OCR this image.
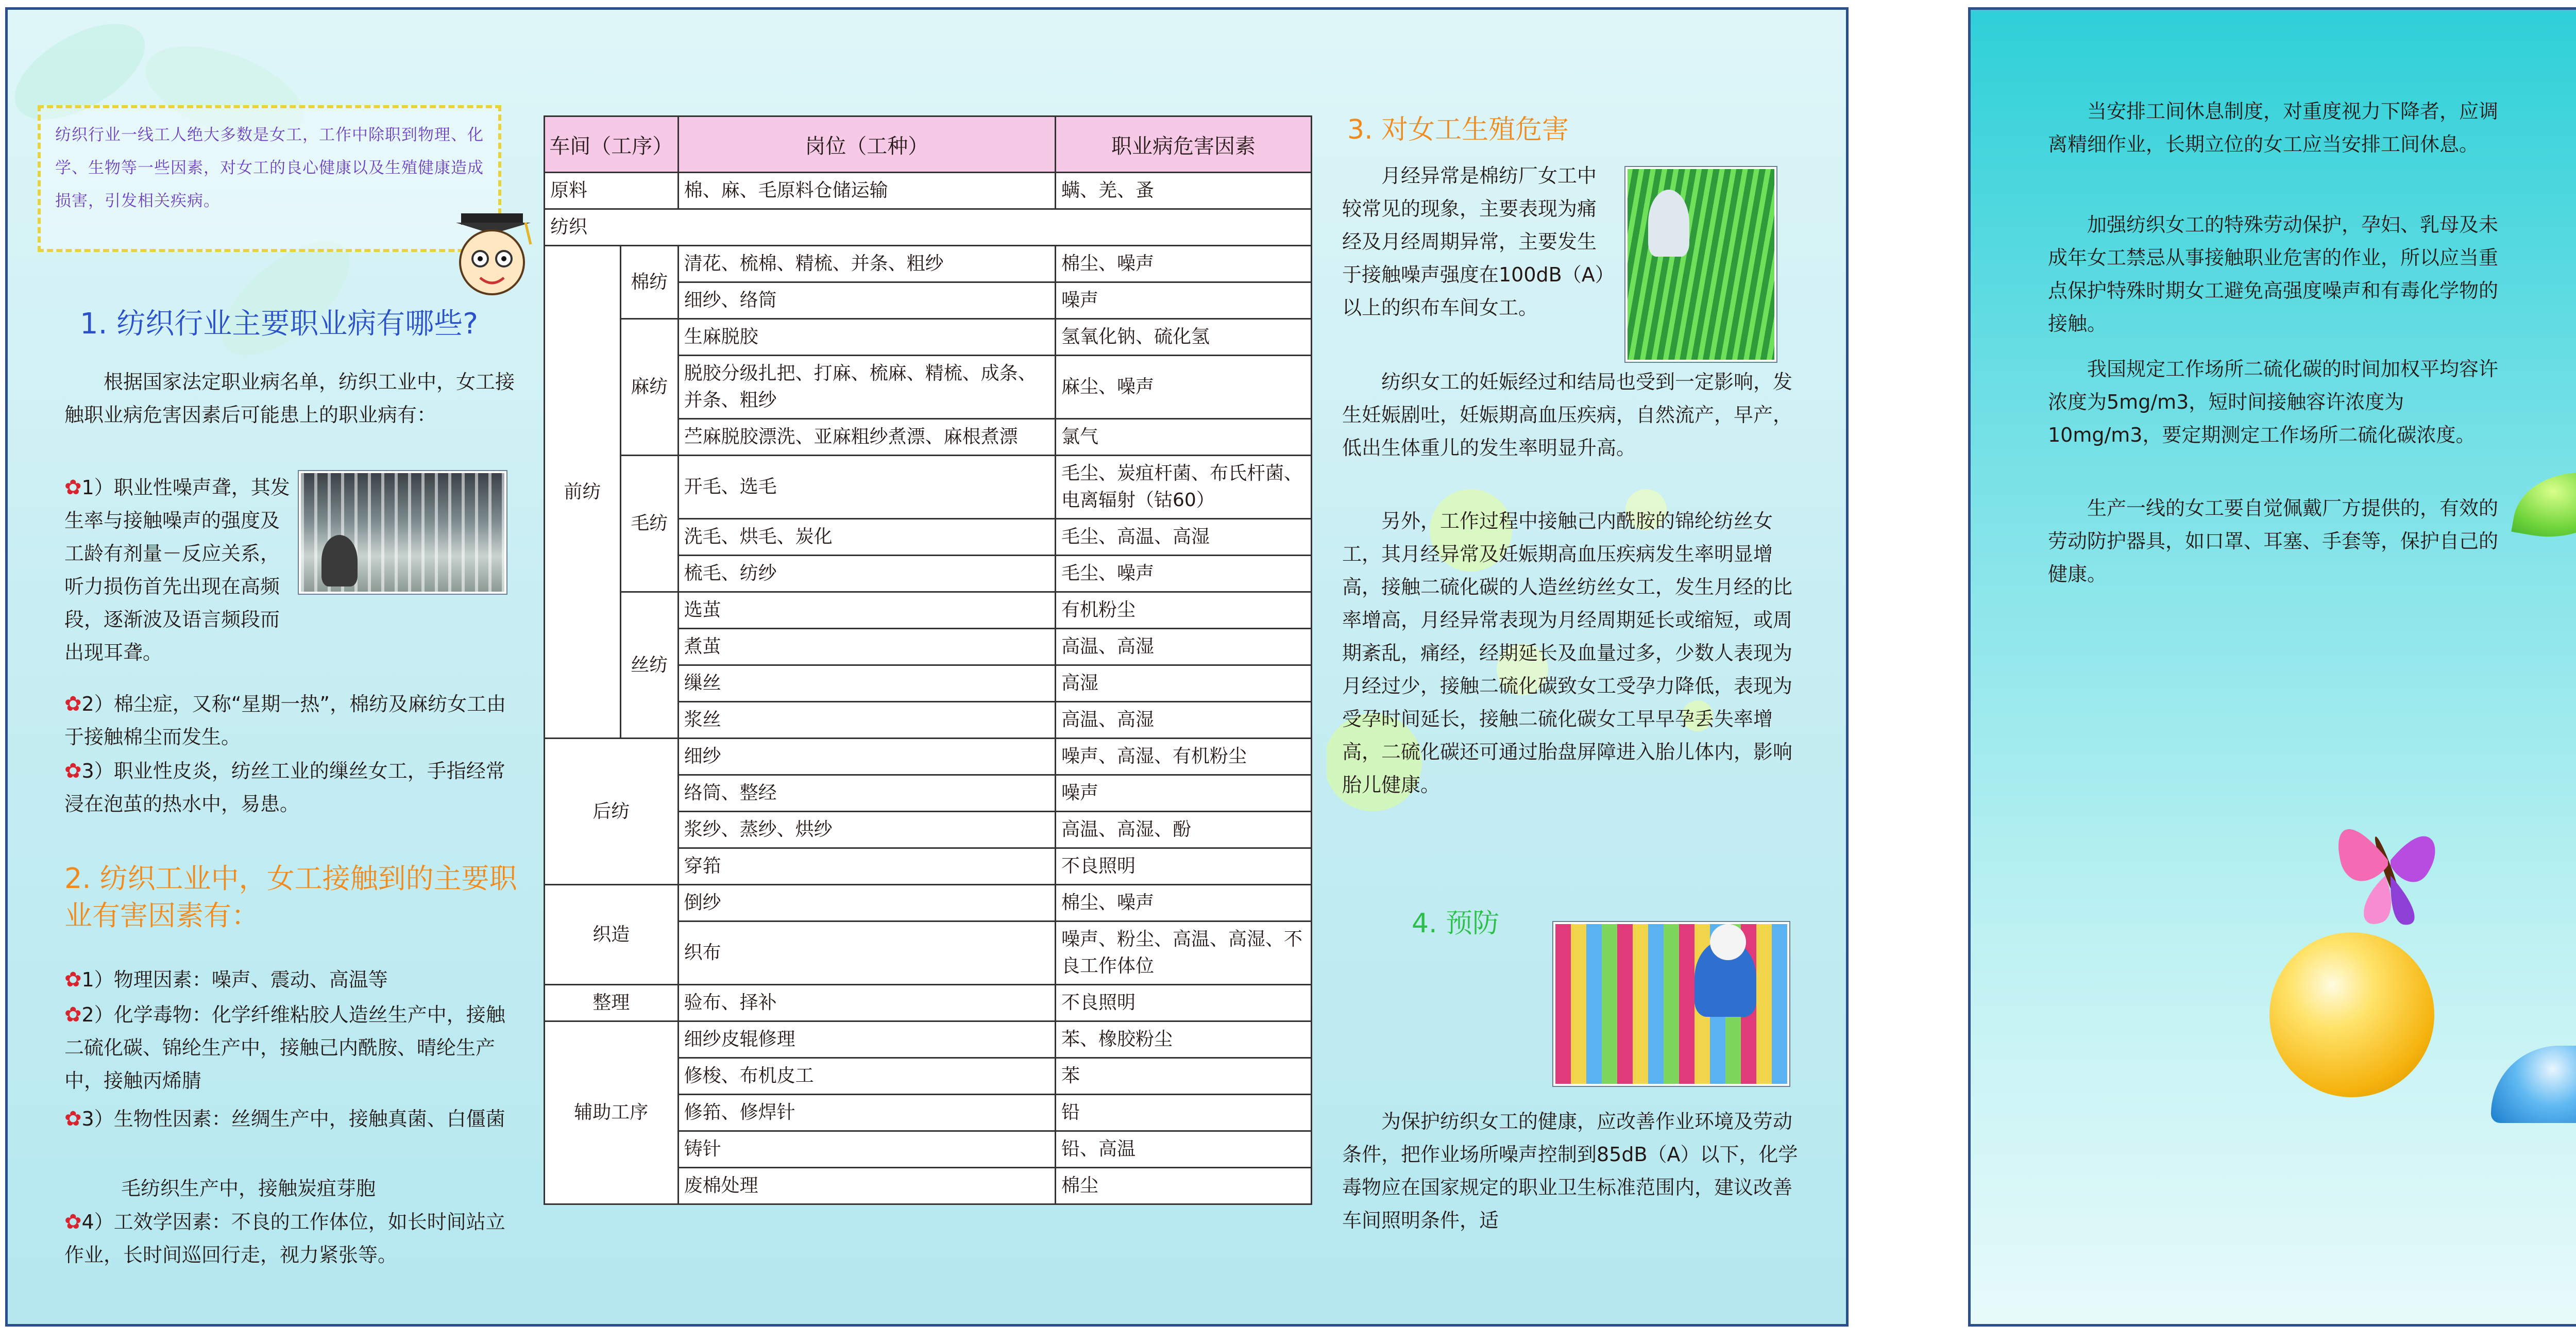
纺织行业一线工人绝大多数是女工，工作中除职到物理、化学、生物等一些因素，对女工的良心健康以及生殖健康造成损害，引发相关疾病。
1. 纺织行业主要职业病有哪些?
根据国家法定职业病名单，纺织工业中，女工接触职业病危害因素后可能患上的职业病有：
✿1）职业性噪声聋，其发生率与接触噪声的强度及工龄有剂量－反应关系，听力损伤首先出现在高频段，逐渐波及语言频段而出现耳聋。
✿2）棉尘症，又称“星期一热”，棉纺及麻纺女工由于接触棉尘而发生。
✿3）职业性皮炎，纺丝工业的缫丝女工，手指经常浸在泡茧的热水中，易患。
2. 纺织工业中，女工接触到的主要职业有害因素有：
✿1）物理因素：噪声、震动、高温等
✿2）化学毒物：化学纤维粘胶人造丝生产中，接触二硫化碳、锦纶生产中，接触己内酰胺、晴纶生产中，接触丙烯腈
✿3）生物性因素：丝绸生产中，接触真菌、白僵菌
毛纺织生产中，接触炭疽芽胞
✿4）工效学因素：不良的工作体位，如长时间站立作业，长时间巡回行走，视力紧张等。
车间（工序）		岗位（工种）	职业病危害因素
原料		棉、麻、毛原料仓储运输	螨、羌、蚤
纺织			
前纺	棉纺	清花、梳棉、精梳、并条、粗纱	棉尘、噪声
		细纱、络筒	噪声
	麻纺	生麻脱胶	氢氧化钠、硫化氢
		脱胶分级扎把、打麻、梳麻、精梳、成条、并条、粗纱	麻尘、噪声
		苎麻脱胶漂洗、亚麻粗纱煮漂、麻根煮漂	氯气
	毛纺	开毛、选毛	毛尘、炭疽杆菌、布氏杆菌、电离辐射（钴60）
		洗毛、烘毛、炭化	毛尘、高温、高湿
		梳毛、纺纱	毛尘、噪声
	丝纺	选茧	有机粉尘
		煮茧	高温、高湿
		缫丝	高湿
		浆丝	高温、高湿
后纺		细纱	噪声、高湿、有机粉尘
		络筒、整经	噪声
		浆纱、蒸纱、烘纱	高温、高湿、酚
		穿筘	不良照明
织造		倒纱	棉尘、噪声
		织布	噪声、粉尘、高温、高湿、不良工作体位
整理		验布、择补	不良照明
辅助工序		细纱皮辊修理	苯、橡胶粉尘
		修梭、布机皮工	苯
		修筘、修焊针	铅
		铸针	铅、高温
		废棉处理	棉尘
3. 对女工生殖危害
月经异常是棉纺厂女工中较常见的现象，主要表现为痛经及月经周期异常，主要发生于接触噪声强度在100dB（A）以上的织布车间女工。
纺织女工的妊娠经过和结局也受到一定影响，发生妊娠剧吐，妊娠期高血压疾病，自然流产，早产，低出生体重儿的发生率明显升高。
另外，工作过程中接触己内酰胺的锦纶纺丝女工，其月经异常及妊娠期高血压疾病发生率明显增高，接触二硫化碳的人造丝纺丝女工，发生月经的比率增高，月经异常表现为月经周期延长或缩短，或周期紊乱，痛经，经期延长及血量过多，少数人表现为月经过少，接触二硫化碳致女工受孕力降低，表现为受孕时间延长，接触二硫化碳女工早早孕丢失率增高，二硫化碳还可通过胎盘屏障进入胎儿体内，影响胎儿健康。
4. 预防
为保护纺织女工的健康，应改善作业环境及劳动条件，把作业场所噪声控制到85dB（A）以下，化学毒物应在国家规定的职业卫生标准范围内，建议改善车间照明条件，适
当安排工间休息制度，对重度视力下降者，应调离精细作业，长期立位的女工应当安排工间休息。
加强纺织女工的特殊劳动保护，孕妇、乳母及未成年女工禁忌从事接触职业危害的作业，所以应当重点保护特殊时期女工避免高强度噪声和有毒化学物的接触。
我国规定工作场所二硫化碳的时间加权平均容许浓度为5mg/m3，短时间接触容许浓度为10mg/m3，要定期测定工作场所二硫化碳浓度。
生产一线的女工要自觉佩戴厂方提供的，有效的劳动防护器具，如口罩、耳塞、手套等，保护自己的健康。
